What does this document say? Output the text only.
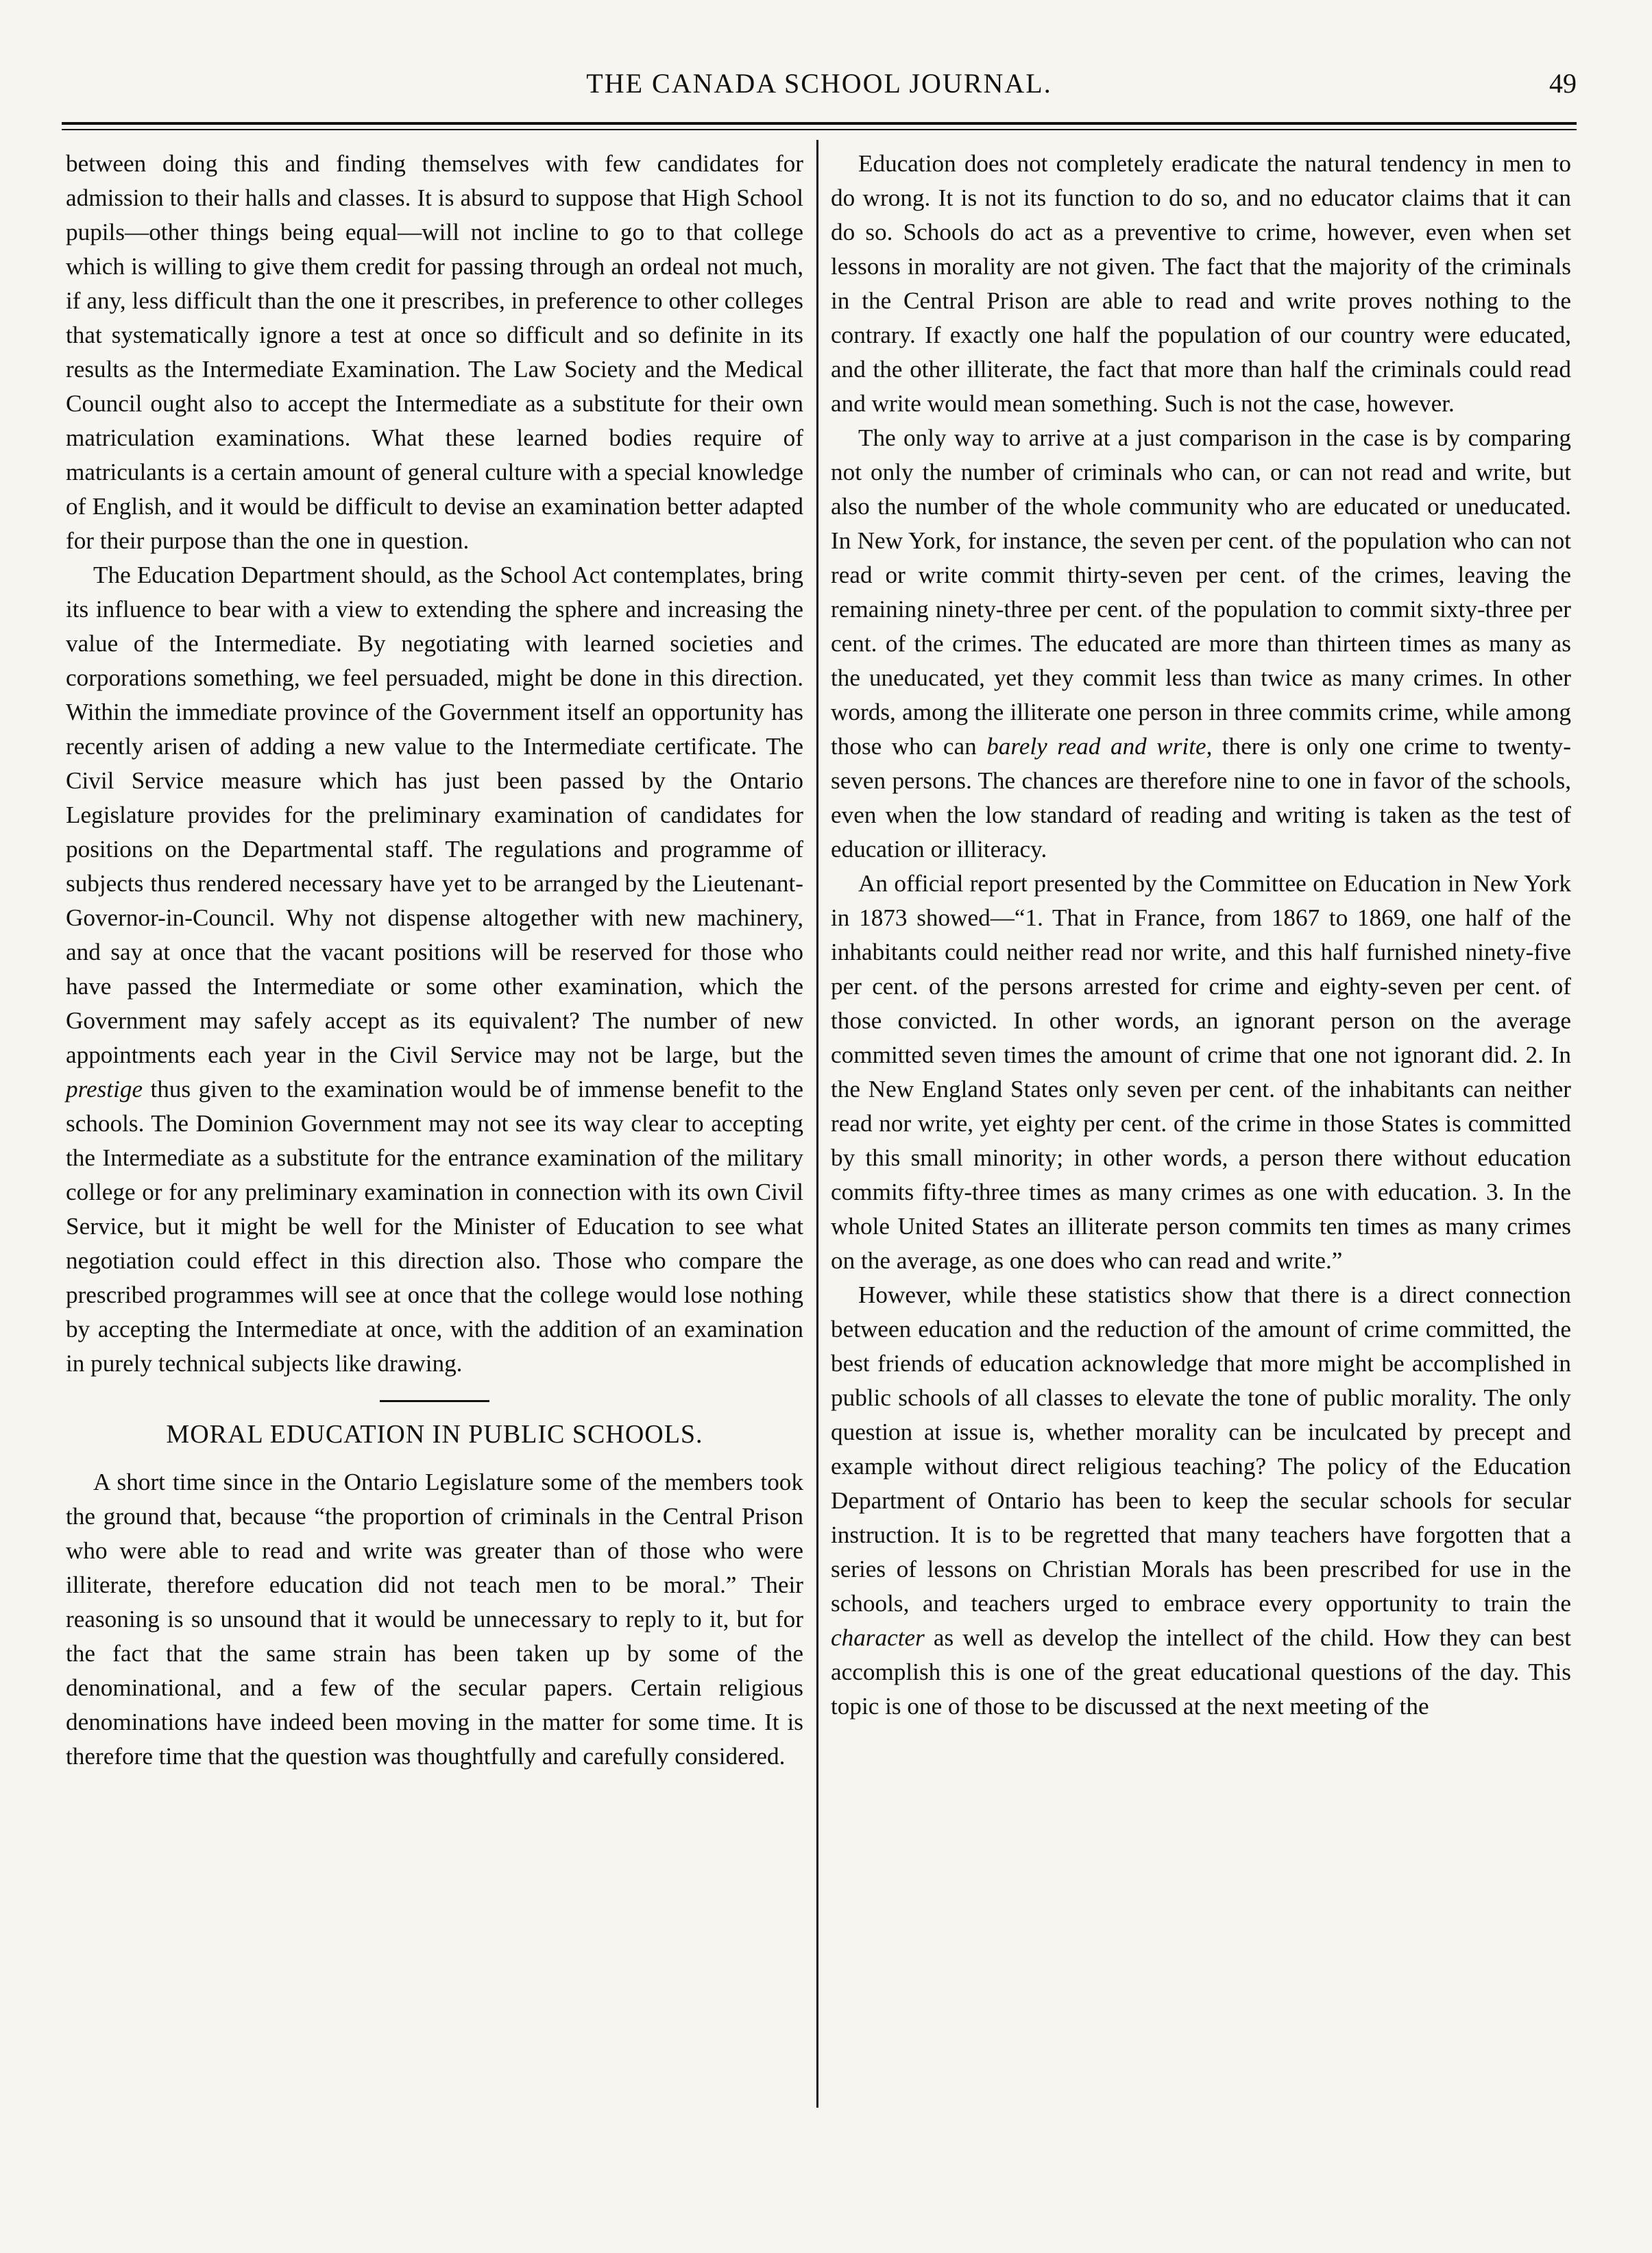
THE CANADA SCHOOL JOURNAL.	49

between doing this and finding themselves with few candidates for admission to their halls and classes. It is absurd to suppose that High School pupils—other things being equal—will not incline to go to that college which is willing to give them credit for passing through an ordeal not much, if any, less difficult than the one it prescribes, in preference to other colleges that systematically ignore a test at once so difficult and so definite in its results as the Intermediate Examination. The Law Society and the Medical Council ought also to accept the Intermediate as a substitute for their own matriculation examinations. What these learned bodies require of matriculants is a certain amount of general culture with a special knowledge of English, and it would be difficult to devise an examination better adapted for their purpose than the one in question.

The Education Department should, as the School Act contemplates, bring its influence to bear with a view to extending the sphere and increasing the value of the Intermediate. By negotiating with learned societies and corporations something, we feel persuaded, might be done in this direction. Within the immediate province of the Government itself an opportunity has recently arisen of adding a new value to the Intermediate certificate. The Civil Service measure which has just been passed by the Ontario Legislature provides for the preliminary examination of candidates for positions on the Departmental staff. The regulations and programme of subjects thus rendered necessary have yet to be arranged by the Lieutenant-Governor-in-Council. Why not dispense altogether with new machinery, and say at once that the vacant positions will be reserved for those who have passed the Intermediate or some other examination, which the Government may safely accept as its equivalent? The number of new appointments each year in the Civil Service may not be large, but the prestige thus given to the examination would be of immense benefit to the schools. The Dominion Government may not see its way clear to accepting the Intermediate as a substitute for the entrance examination of the military college or for any preliminary examination in connection with its own Civil Service, but it might be well for the Minister of Education to see what negotiation could effect in this direction also. Those who compare the prescribed programmes will see at once that the college would lose nothing by accepting the Intermediate at once, with the addition of an examination in purely technical subjects like drawing.

MORAL EDUCATION IN PUBLIC SCHOOLS.

A short time since in the Ontario Legislature some of the members took the ground that, because “the proportion of criminals in the Central Prison who were able to read and write was greater than of those who were illiterate, therefore education did not teach men to be moral.” Their reasoning is so unsound that it would be unnecessary to reply to it, but for the fact that the same strain has been taken up by some of the denominational, and a few of the secular papers. Certain religious denominations have indeed been moving in the matter for some time. It is therefore time that the question was thoughtfully and carefully considered.

Education does not completely eradicate the natural tendency in men to do wrong. It is not its function to do so, and no educator claims that it can do so. Schools do act as a preventive to crime, however, even when set lessons in morality are not given. The fact that the majority of the criminals in the Central Prison are able to read and write proves nothing to the contrary. If exactly one half the population of our country were educated, and the other illiterate, the fact that more than half the criminals could read and write would mean something. Such is not the case, however.

The only way to arrive at a just comparison in the case is by comparing not only the number of criminals who can, or can not read and write, but also the number of the whole community who are educated or uneducated. In New York, for instance, the seven per cent. of the population who can not read or write commit thirty-seven per cent. of the crimes, leaving the remaining ninety-three per cent. of the population to commit sixty-three per cent. of the crimes. The educated are more than thirteen times as many as the uneducated, yet they commit less than twice as many crimes. In other words, among the illiterate one person in three commits crime, while among those who can barely read and write, there is only one crime to twenty-seven persons. The chances are therefore nine to one in favor of the schools, even when the low standard of reading and writing is taken as the test of education or illiteracy.

An official report presented by the Committee on Education in New York in 1873 showed—“1. That in France, from 1867 to 1869, one half of the inhabitants could neither read nor write, and this half furnished ninety-five per cent. of the persons arrested for crime and eighty-seven per cent. of those convicted. In other words, an ignorant person on the average committed seven times the amount of crime that one not ignorant did. 2. In the New England States only seven per cent. of the inhabitants can neither read nor write, yet eighty per cent. of the crime in those States is committed by this small minority; in other words, a person there without education commits fifty-three times as many crimes as one with education. 3. In the whole United States an illiterate person commits ten times as many crimes on the average, as one does who can read and write.”

However, while these statistics show that there is a direct connection between education and the reduction of the amount of crime committed, the best friends of education acknowledge that more might be accomplished in public schools of all classes to elevate the tone of public morality. The only question at issue is, whether morality can be inculcated by precept and example without direct religious teaching? The policy of the Education Department of Ontario has been to keep the secular schools for secular instruction. It is to be regretted that many teachers have forgotten that a series of lessons on Christian Morals has been prescribed for use in the schools, and teachers urged to embrace every opportunity to train the character as well as develop the intellect of the child. How they can best accomplish this is one of the great educational questions of the day. This topic is one of those to be discussed at the next meeting of the
